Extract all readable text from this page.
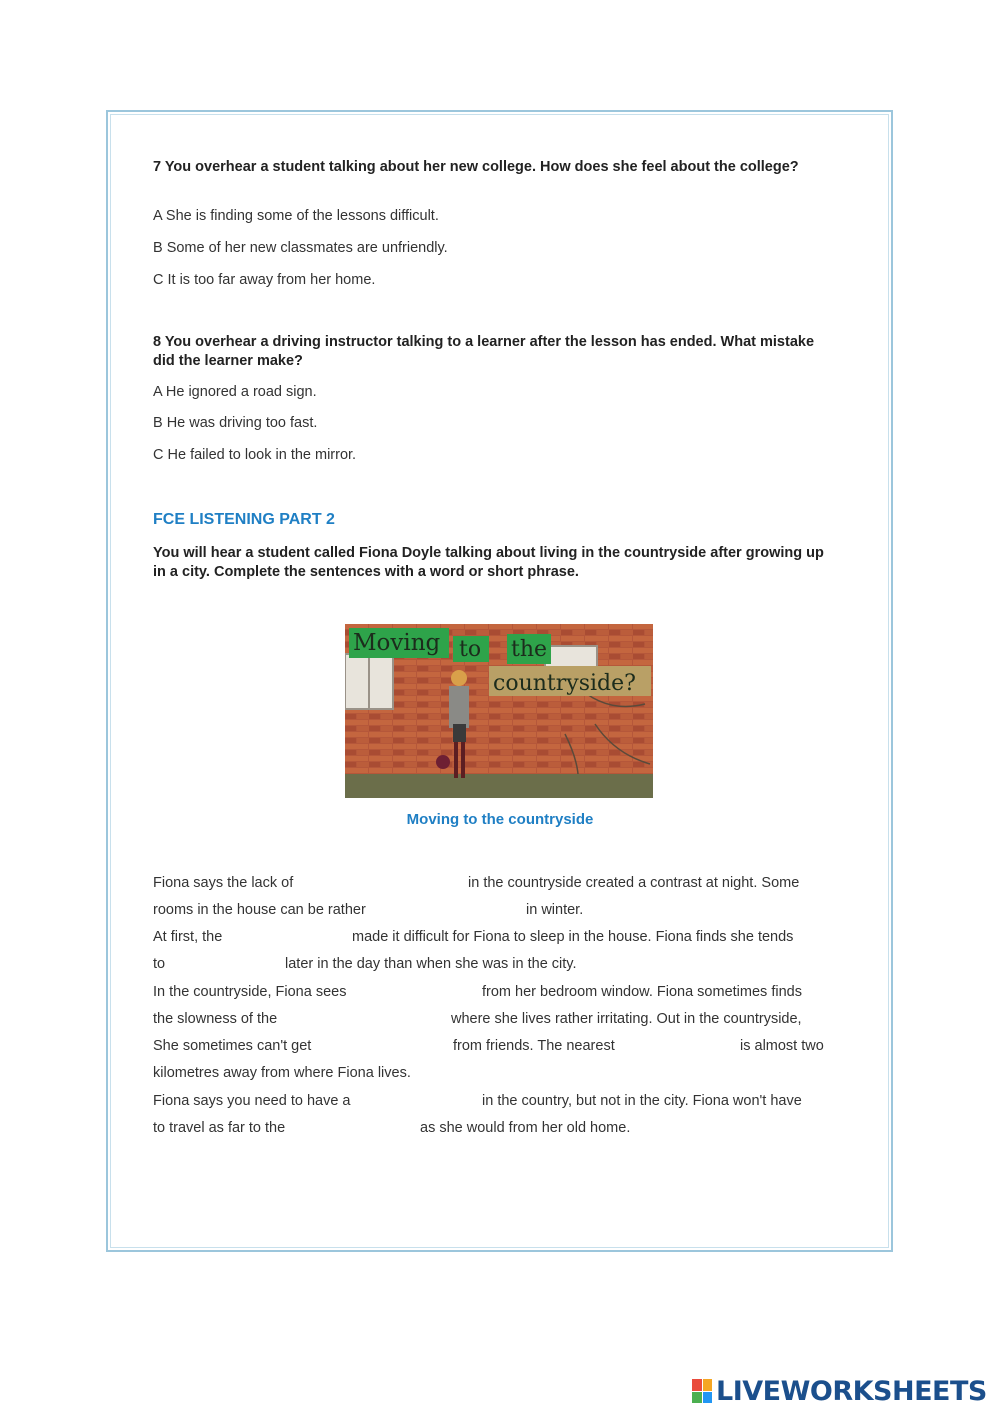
7 You overhear a student talking about her new college. How does she feel about the college?
A She is finding some of the lessons difficult.
B Some of her new classmates are unfriendly.
C It is too far away from her home.
8 You overhear a driving instructor talking to a learner after the lesson has ended. What mistake did the learner make?
A He ignored a road sign.
B He was driving too fast.
C He failed to look in the mirror.
FCE LISTENING PART 2
You will hear a student called Fiona Doyle talking about living in the countryside after growing up in a city. Complete the sentences with a word or short phrase.
Moving to the
countryside?
Moving to the countryside
Fiona says the lack of	in the countryside created a contrast at night. Some
rooms in the house can be rather	in winter.
At first, the	made it difficult for Fiona to sleep in the house. Fiona finds she tends
to	later in the day than when she was in the city.
In the countryside, Fiona sees	from her bedroom window. Fiona sometimes finds
the slowness of the	where she lives rather irritating. Out in the countryside,
She sometimes can't get	from friends. The nearest	is almost two
kilometres away from where Fiona lives.
Fiona says you need to have a	in the country, but not in the city. Fiona won't have
to travel as far to the	as she would from her old home.
LIVEWORKSHEETS
